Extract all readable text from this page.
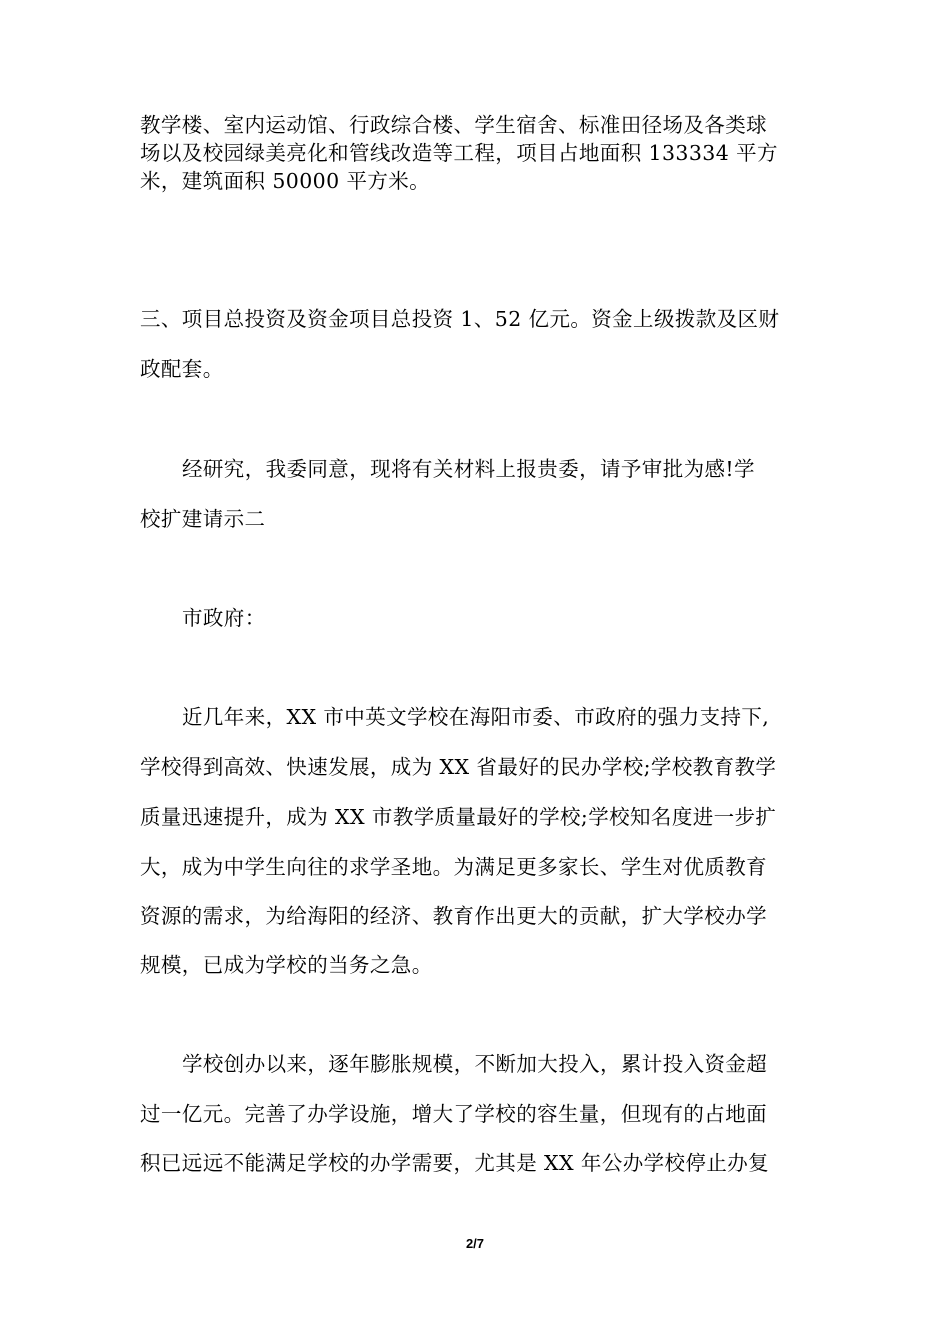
教学楼、室内运动馆、行政综合楼、学生宿舍、标准田径场及各类球
场以及校园绿美亮化和管线改造等工程，项目占地面积 133334 平方
米，建筑面积 50000 平方米。
三、项目总投资及资金项目总投资 1、52 亿元。资金上级拨款及区财
政配套。
经研究，我委同意，现将有关材料上报贵委，请予审批为感!学
校扩建请示二
市政府：
近几年来，XX 市中英文学校在海阳市委、市政府的强力支持下,
学校得到高效、快速发展，成为 XX 省最好的民办学校;学校教育教学
质量迅速提升，成为 XX 市教学质量最好的学校;学校知名度进一步扩
大，成为中学生向往的求学圣地。为满足更多家长、学生对优质教育
资源的需求，为给海阳的经济、教育作出更大的贡献，扩大学校办学
规模，已成为学校的当务之急。
学校创办以来，逐年膨胀规模，不断加大投入，累计投入资金超
过一亿元。完善了办学设施，增大了学校的容生量，但现有的占地面
积已远远不能满足学校的办学需要，尤其是 XX 年公办学校停止办复
2/7
